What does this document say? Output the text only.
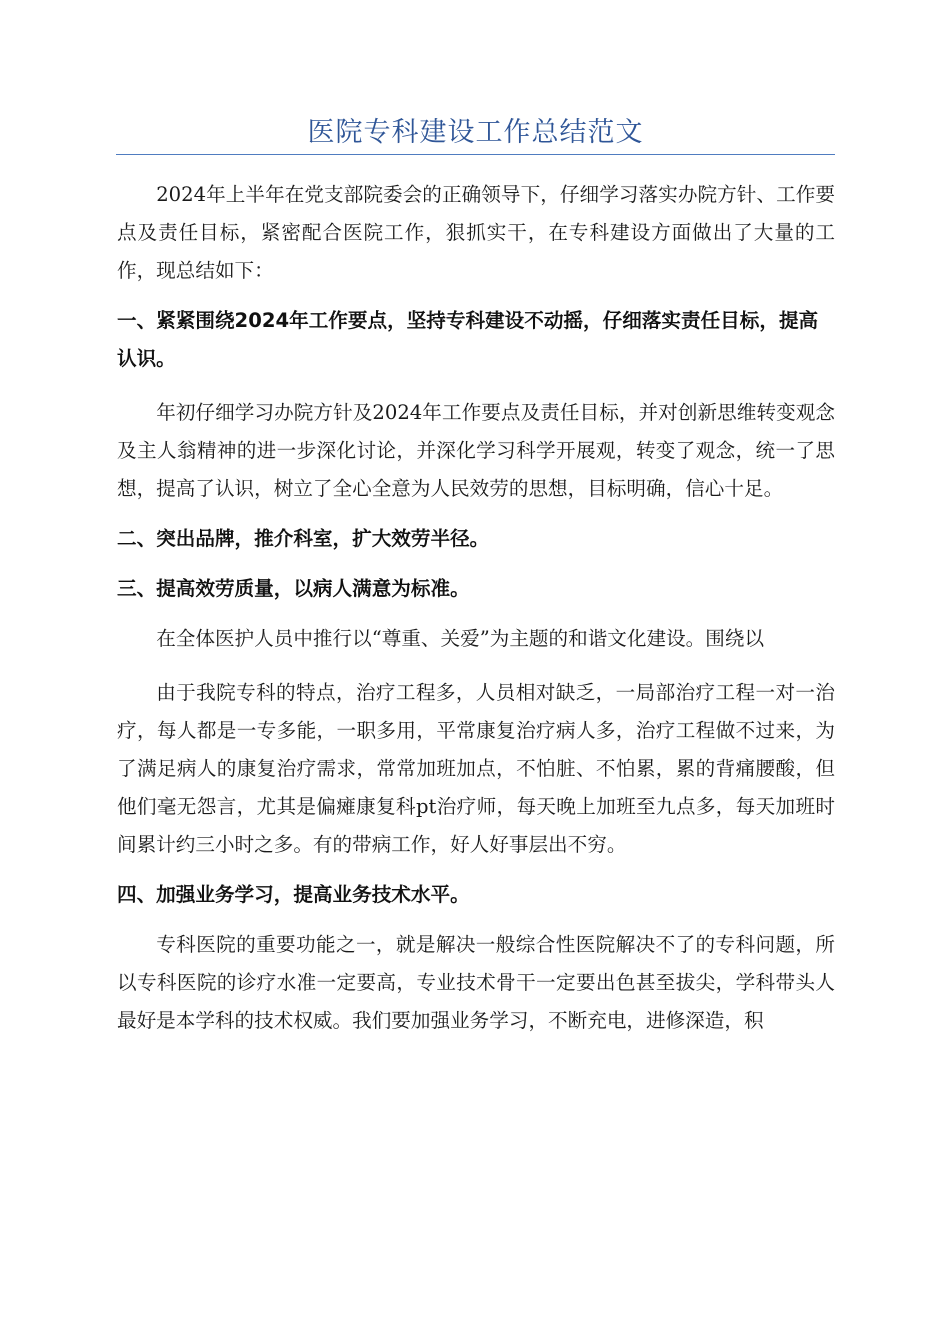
医院专科建设工作总结范文

2024年上半年在党支部院委会的正确领导下，仔细学习落实办院方针、工作要点及责任目标，紧密配合医院工作，狠抓实干，在专科建设方面做出了大量的工作，现总结如下：

一、紧紧围绕2024年工作要点，坚持专科建设不动摇，仔细落实责任目标，提高认识。

年初仔细学习办院方针及2024年工作要点及责任目标，并对创新思维转变观念及主人翁精神的进一步深化讨论，并深化学习科学开展观，转变了观念，统一了思想，提高了认识，树立了全心全意为人民效劳的思想，目标明确，信心十足。

二、突出品牌，推介科室，扩大效劳半径。

三、提高效劳质量，以病人满意为标准。

在全体医护人员中推行以“尊重、关爱”为主题的和谐文化建设。围绕以

由于我院专科的特点，治疗工程多，人员相对缺乏，一局部治疗工程一对一治疗，每人都是一专多能，一职多用，平常康复治疗病人多，治疗工程做不过来，为了满足病人的康复治疗需求，常常加班加点，不怕脏、不怕累，累的背痛腰酸，但他们毫无怨言，尤其是偏瘫康复科pt治疗师，每天晚上加班至九点多，每天加班时间累计约三小时之多。有的带病工作，好人好事层出不穷。

四、加强业务学习，提高业务技术水平。

专科医院的重要功能之一，就是解决一般综合性医院解决不了的专科问题，所以专科医院的诊疗水准一定要高，专业技术骨干一定要出色甚至拔尖，学科带头人最好是本学科的技术权威。我们要加强业务学习，不断充电，进修深造，积
